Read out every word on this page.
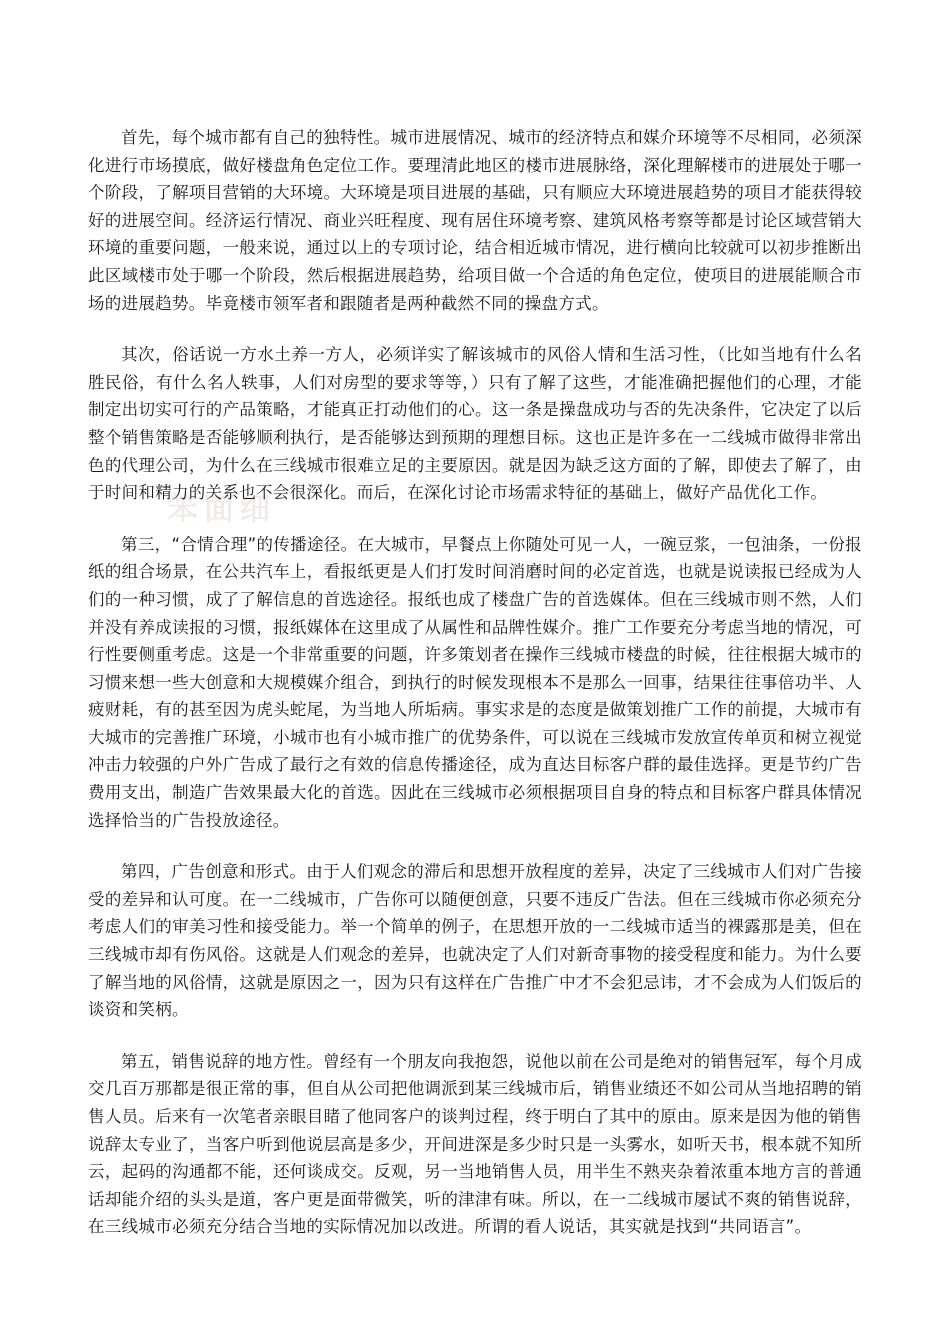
笨面细

首先，每个城市都有自己的独特性。城市进展情况、城市的经济特点和媒介环境等不尽相同，必须深化进行市场摸底，做好楼盘角色定位工作。要理清此地区的楼市进展脉络，深化理解楼市的进展处于哪一个阶段，了解项目营销的大环境。大环境是项目进展的基础，只有顺应大环境进展趋势的项目才能获得较好的进展空间。经济运行情况、商业兴旺程度、现有居住环境考察、建筑风格考察等都是讨论区域营销大环境的重要问题，一般来说，通过以上的专项讨论，结合相近城市情况，进行横向比较就可以初步推断出此区域楼市处于哪一个阶段，然后根据进展趋势，给项目做一个合适的角色定位，使项目的进展能顺合市场的进展趋势。毕竟楼市领军者和跟随者是两种截然不同的操盘方式。

其次，俗话说一方水土养一方人，必须详实了解该城市的风俗人情和生活习性，（比如当地有什么名胜民俗，有什么名人轶事，人们对房型的要求等等，）只有了解了这些，才能准确把握他们的心理，才能制定出切实可行的产品策略，才能真正打动他们的心。这一条是操盘成功与否的先决条件，它决定了以后整个销售策略是否能够顺利执行，是否能够达到预期的理想目标。这也正是许多在一二线城市做得非常出色的代理公司，为什么在三线城市很难立足的主要原因。就是因为缺乏这方面的了解，即使去了解了，由于时间和精力的关系也不会很深化。而后，在深化讨论市场需求特征的基础上，做好产品优化工作。

第三，“合情合理”的传播途径。在大城市，早餐点上你随处可见一人，一碗豆浆，一包油条，一份报纸的组合场景，在公共汽车上，看报纸更是人们打发时间消磨时间的必定首选，也就是说读报已经成为人们的一种习惯，成了了解信息的首选途径。报纸也成了楼盘广告的首选媒体。但在三线城市则不然，人们并没有养成读报的习惯，报纸媒体在这里成了从属性和品牌性媒介。推广工作要充分考虑当地的情况，可行性要侧重考虑。这是一个非常重要的问题，许多策划者在操作三线城市楼盘的时候，往往根据大城市的习惯来想一些大创意和大规模媒介组合，到执行的时候发现根本不是那么一回事，结果往往事倍功半、人疲财耗，有的甚至因为虎头蛇尾，为当地人所垢病。事实求是的态度是做策划推广工作的前提，大城市有大城市的完善推广环境，小城市也有小城市推广的优势条件，可以说在三线城市发放宣传单页和树立视觉冲击力较强的户外广告成了最行之有效的信息传播途径，成为直达目标客户群的最佳选择。更是节约广告费用支出，制造广告效果最大化的首选。因此在三线城市必须根据项目自身的特点和目标客户群具体情况选择恰当的广告投放途径。

第四，广告创意和形式。由于人们观念的滞后和思想开放程度的差异，决定了三线城市人们对广告接受的差异和认可度。在一二线城市，广告你可以随便创意，只要不违反广告法。但在三线城市你必须充分考虑人们的审美习性和接受能力。举一个简单的例子，在思想开放的一二线城市适当的裸露那是美，但在三线城市却有伤风俗。这就是人们观念的差异，也就决定了人们对新奇事物的接受程度和能力。为什么要了解当地的风俗情，这就是原因之一，因为只有这样在广告推广中才不会犯忌讳，才不会成为人们饭后的谈资和笑柄。

第五，销售说辞的地方性。曾经有一个朋友向我抱怨，说他以前在公司是绝对的销售冠军，每个月成交几百万那都是很正常的事，但自从公司把他调派到某三线城市后，销售业绩还不如公司从当地招聘的销售人员。后来有一次笔者亲眼目睹了他同客户的谈判过程，终于明白了其中的原由。原来是因为他的销售说辞太专业了，当客户听到他说层高是多少，开间进深是多少时只是一头雾水，如听天书，根本就不知所云，起码的沟通都不能，还何谈成交。反观，另一当地销售人员，用半生不熟夹杂着浓重本地方言的普通话却能介绍的头头是道，客户更是面带微笑，听的津津有味。所以，在一二线城市屡试不爽的销售说辞，在三线城市必须充分结合当地的实际情况加以改进。所谓的看人说话，其实就是找到“共同语言”。
